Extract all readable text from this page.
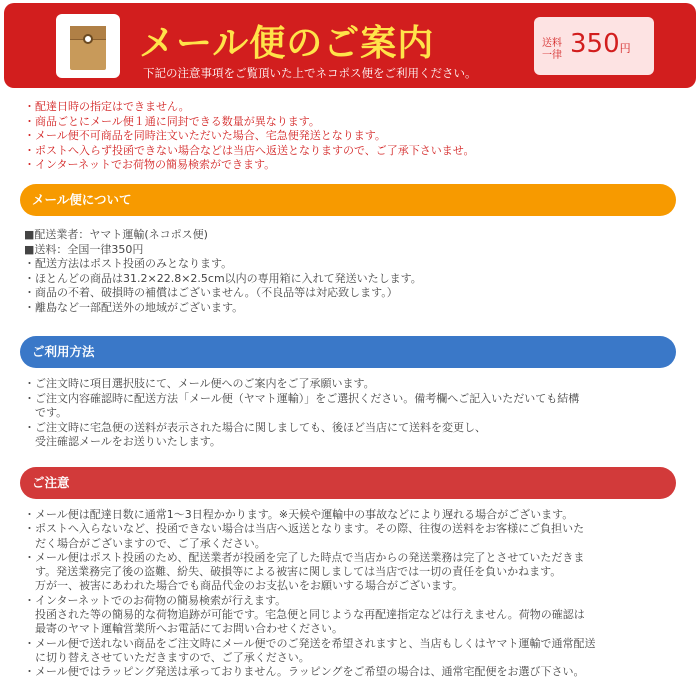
メール便のご案内
下記の注意事項をご覧頂いた上でネコポス便をご利用ください。
送料一律 350円
・配達日時の指定はできません。
・商品ごとにメール便１通に同封できる数量が異なります。
・メール便不可商品を同時注文いただいた場合、宅急便発送となります。
・ポストへ入らず投函できない場合などは当店へ返送となりますので、ご了承下さいませ。
・インターネットでお荷物の簡易検索ができます。
メール便について
■配送業者：ヤマト運輸(ネコポス便)
■送料：全国一律350円
・配送方法はポスト投函のみとなります。
・ほとんどの商品は31.2×22.8×2.5cm以内の専用箱に入れて発送いたします。
・商品の不着、破損時の補償はございません。（不良品等は対応致します。）
・離島など一部配送外の地域がございます。
ご利用方法
・ご注文時に項目選択肢にて、メール便へのご案内をご了承願います。
・ご注文内容確認時に配送方法「メール便（ヤマト運輸）」をご選択ください。備考欄へご記入いただいても結構
　です。
・ご注文時に宅急便の送料が表示された場合に関しましても、後ほど当店にて送料を変更し、
　受注確認メールをお送りいたします。
ご注意
・メール便は配達日数に通常1〜3日程かかります。※天候や運輸中の事故などにより遅れる場合がございます。
・ポストへ入らないなど、投函できない場合は当店へ返送となります。その際、往復の送料をお客様にご負担いた
　だく場合がございますので、ご了承ください。
・メール便はポスト投函のため、配送業者が投函を完了した時点で当店からの発送業務は完了とさせていただきま
　す。発送業務完了後の盗難、紛失、破損等による被害に関しましては当店では一切の責任を負いかねます。
　万が一、被害にあわれた場合でも商品代金のお支払いをお願いする場合がございます。
・インターネットでのお荷物の簡易検索が行えます。
　投函された等の簡易的な荷物追跡が可能です。宅急便と同じような再配達指定などは行えません。荷物の確認は
　最寄のヤマト運輸営業所へお電話にてお問い合わせください。
・メール便で送れない商品をご注文時にメール便でのご発送を希望されますと、当店もしくはヤマト運輸で通常配送
　に切り替えさせていただきますので、ご了承ください。
・メール便ではラッピング発送は承っておりません。ラッピングをご希望の場合は、通常宅配便をお選び下さい。
